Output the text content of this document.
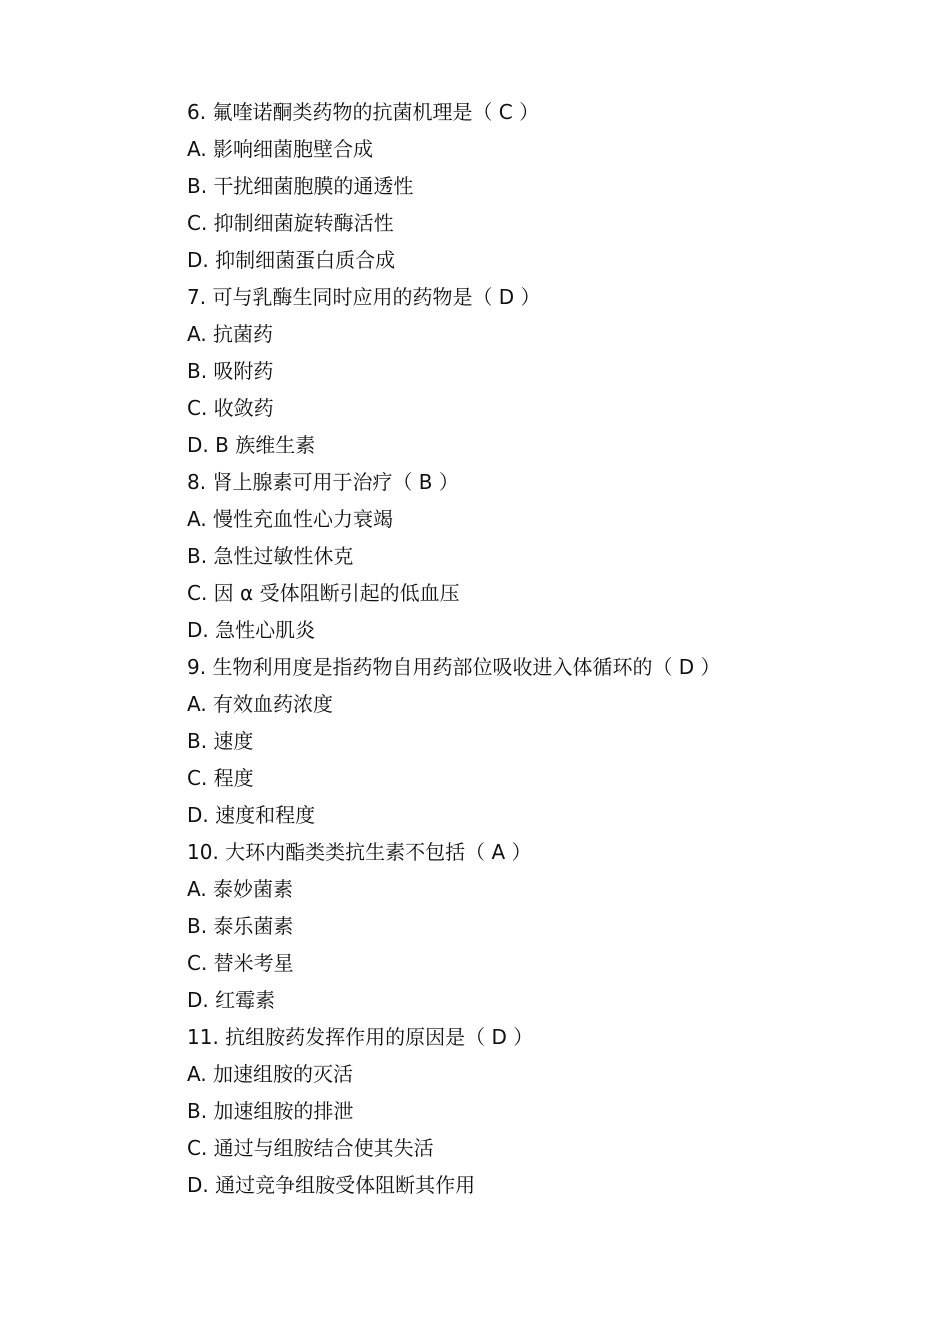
6. 氟喹诺酮类药物的抗菌机理是（ C ）
A. 影响细菌胞壁合成
B. 干扰细菌胞膜的通透性
C. 抑制细菌旋转酶活性
D. 抑制细菌蛋白质合成
7. 可与乳酶生同时应用的药物是（ D ）
A. 抗菌药
B. 吸附药
C. 收敛药
D. B 族维生素
8. 肾上腺素可用于治疗（ B ）
A. 慢性充血性心力衰竭
B. 急性过敏性休克
C. 因 α 受体阻断引起的低血压
D. 急性心肌炎
9. 生物利用度是指药物自用药部位吸收进入体循环的（ D ）
A. 有效血药浓度
B. 速度
C. 程度
D. 速度和程度
10. 大环内酯类类抗生素不包括（ A ）
A. 泰妙菌素
B. 泰乐菌素
C. 替米考星
D. 红霉素
11. 抗组胺药发挥作用的原因是（ D ）
A. 加速组胺的灭活
B. 加速组胺的排泄
C. 通过与组胺结合使其失活
D. 通过竞争组胺受体阻断其作用
